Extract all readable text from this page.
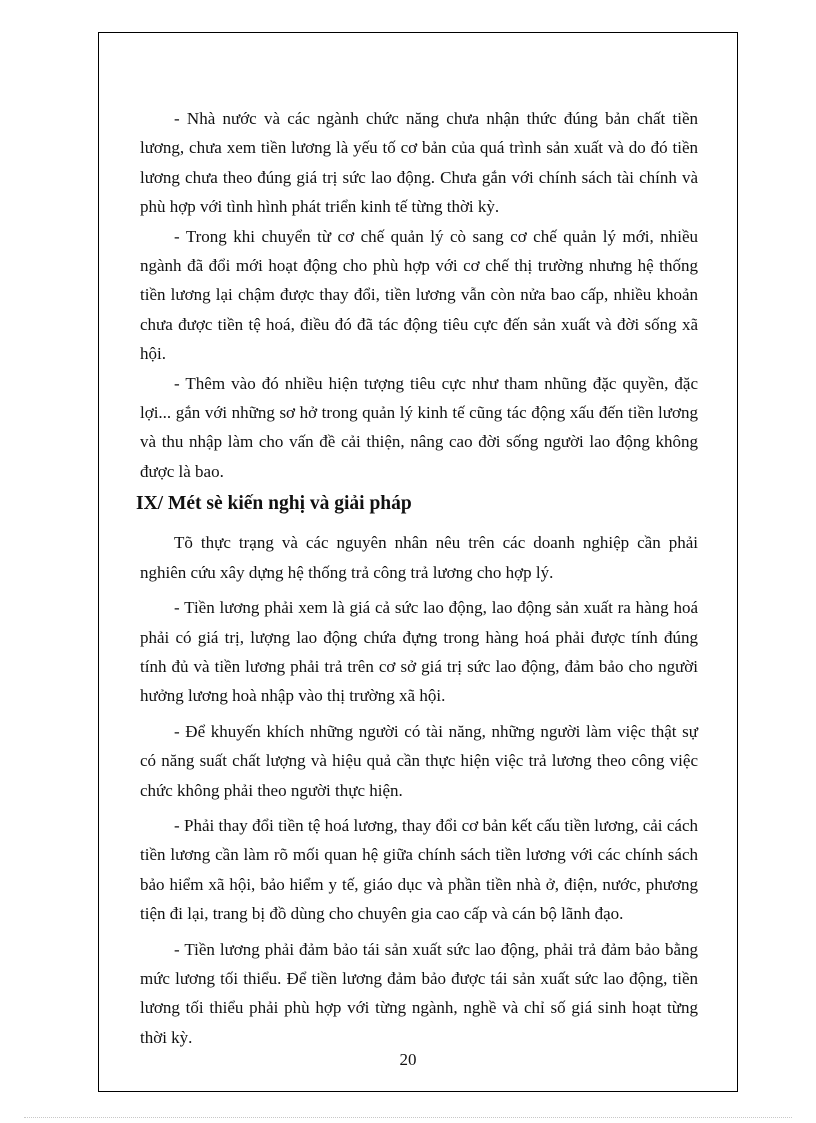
- Nhà nước và các ngành chức năng chưa nhận thức đúng bản chất tiền lương, chưa xem tiền lương là yếu tố cơ bản của quá trình sản xuất và do đó tiền lương chưa theo đúng giá trị sức lao động. Chưa gắn với chính sách tài chính và phù hợp với tình hình phát triển kinh tế từng thời kỳ.

- Trong khi chuyển từ cơ chế quản lý cò sang cơ chế quản lý mới, nhiều ngành đã đổi mới hoạt động cho phù hợp với cơ chế thị trường nhưng hệ thống tiền lương lại chậm được thay đổi, tiền lương vẫn còn nửa bao cấp, nhiều khoản chưa được tiền tệ hoá, điều đó đã tác động tiêu cực đến sản xuất và đời sống xã hội.

- Thêm vào đó nhiều hiện tượng tiêu cực như tham nhũng đặc quyền, đặc lợi... gắn với những sơ hở trong quản lý kinh tế cũng tác động xấu đến tiền lương và thu nhập làm cho vấn đề cải thiện, nâng cao đời sống người lao động không được là bao.

IX/ Mét sè kiến nghị và giải pháp

Tõ thực trạng và các nguyên nhân nêu trên các doanh nghiệp cần phải nghiên cứu xây dựng hệ thống trả công trả lương cho hợp lý.

- Tiền lương phải xem là giá cả sức lao động, lao động sản xuất ra hàng hoá phải có giá trị, lượng lao động chứa đựng trong hàng hoá phải được tính đúng tính đủ và tiền lương phải trả trên cơ sở giá trị sức lao động, đảm bảo cho người hưởng lương hoà nhập vào thị trường xã hội.

- Để khuyến khích những người có tài năng, những người làm việc thật sự có năng suất chất lượng và hiệu quả cần thực hiện việc trả lương theo công việc chức không phải theo người thực hiện.

- Phải thay đổi tiền tệ hoá lương, thay đổi cơ bản kết cấu tiền lương, cải cách tiền lương cần làm rõ mối quan hệ giữa chính sách tiền lương với các chính sách bảo hiểm xã hội, bảo hiểm y tế, giáo dục và phần tiền nhà ở, điện, nước, phương tiện đi lại, trang bị đồ dùng cho chuyên gia cao cấp và cán bộ lãnh đạo.

- Tiền lương phải đảm bảo tái sản xuất sức lao động, phải trả đảm bảo bằng mức lương tối thiểu. Để tiền lương đảm bảo được tái sản xuất sức lao động, tiền lương tối thiểu phải phù hợp với từng ngành, nghề và chỉ số giá sinh hoạt từng thời kỳ.

20
